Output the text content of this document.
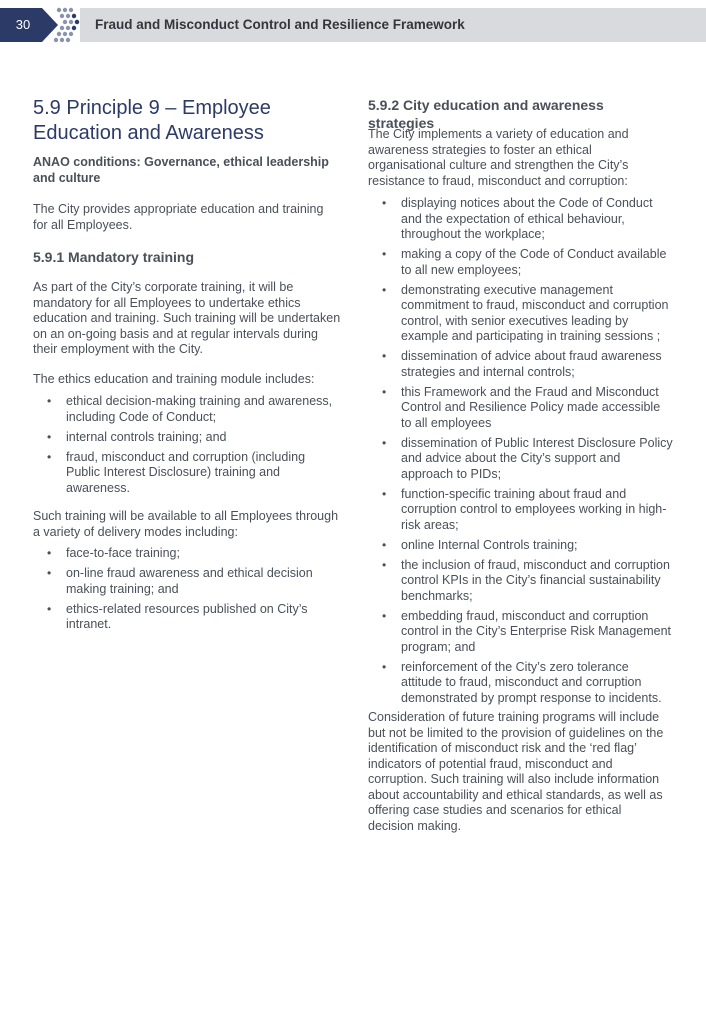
30	Fraud and Misconduct Control and Resilience Framework
5.9 Principle 9 – Employee Education and Awareness

ANAO conditions: Governance, ethical leadership and culture

The City provides appropriate education and training for all Employees.

5.9.1 Mandatory training

As part of the City’s corporate training, it will be mandatory for all Employees to undertake ethics education and training. Such training will be undertaken on an on-going basis and at regular intervals during their employment with the City.

The ethics education and training module includes:

• ethical decision-making training and awareness, including Code of Conduct;
• internal controls training; and
• fraud, misconduct and corruption (including Public Interest Disclosure) training and awareness.

Such training will be available to all Employees through a variety of delivery modes including:

• face-to-face training;
• on-line fraud awareness and ethical decision making training; and
• ethics-related resources published on City’s intranet.
5.9.2 City education and awareness strategies

The City implements a variety of education and awareness strategies to foster an ethical organisational culture and strengthen the City’s resistance to fraud, misconduct and corruption:

• displaying notices about the Code of Conduct and the expectation of ethical behaviour, throughout the workplace;
• making a copy of the Code of Conduct available to all new employees;
• demonstrating executive management commitment to fraud, misconduct and corruption control, with senior executives leading by example and participating in training sessions ;
• dissemination of advice about fraud awareness strategies and internal controls;
• this Framework and the Fraud and Misconduct Control and Resilience Policy made accessible to all employees
• dissemination of Public Interest Disclosure Policy and advice about the City’s support and approach to PIDs;
• function-specific training about fraud and corruption control to employees working in high-risk areas;
• online Internal Controls training;
• the inclusion of fraud, misconduct and corruption control KPIs in the City’s financial sustainability benchmarks;
• embedding fraud, misconduct and corruption control in the City’s Enterprise Risk Management program; and
• reinforcement of the City’s zero tolerance attitude to fraud, misconduct and corruption demonstrated by prompt response to incidents.

Consideration of future training programs will include but not be limited to the provision of guidelines on the identification of misconduct risk and the ‘red flag’ indicators of potential fraud, misconduct and corruption. Such training will also include information about accountability and ethical standards, as well as offering case studies and scenarios for ethical decision making.
